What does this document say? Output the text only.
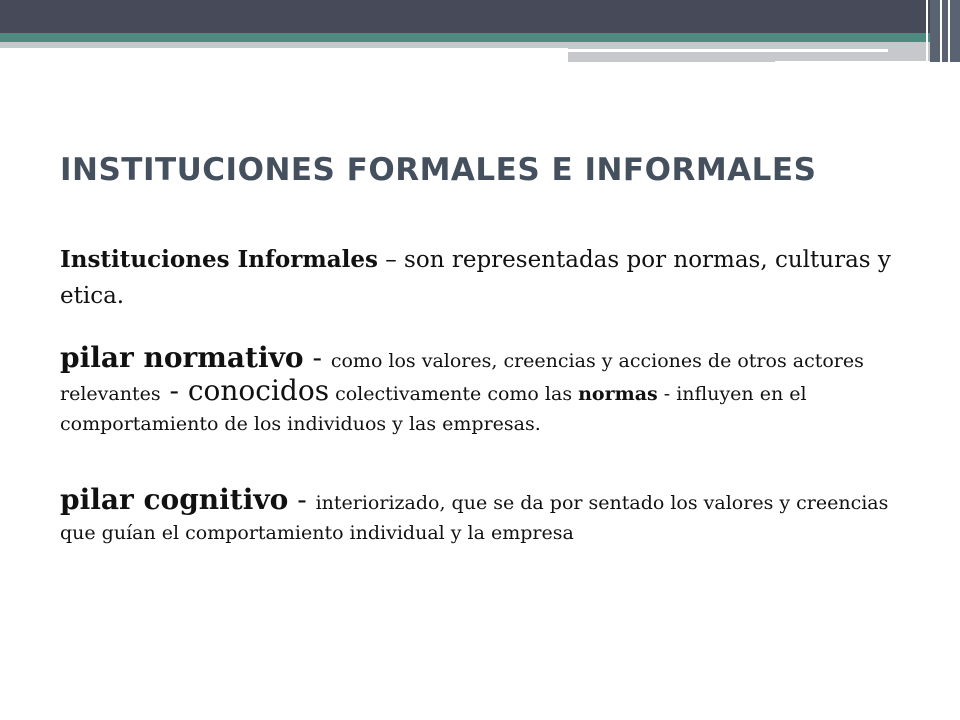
INSTITUCIONES FORMALES E INFORMALES

Instituciones Informales – son representadas por normas, culturas y etica.

pilar normativo - como los valores, creencias y acciones de otros actores relevantes - conocidos colectivamente como las normas - influyen en el comportamiento de los individuos y las empresas.

pilar cognitivo - interiorizado, que se da por sentado los valores y creencias que guían el comportamiento individual y la empresa
